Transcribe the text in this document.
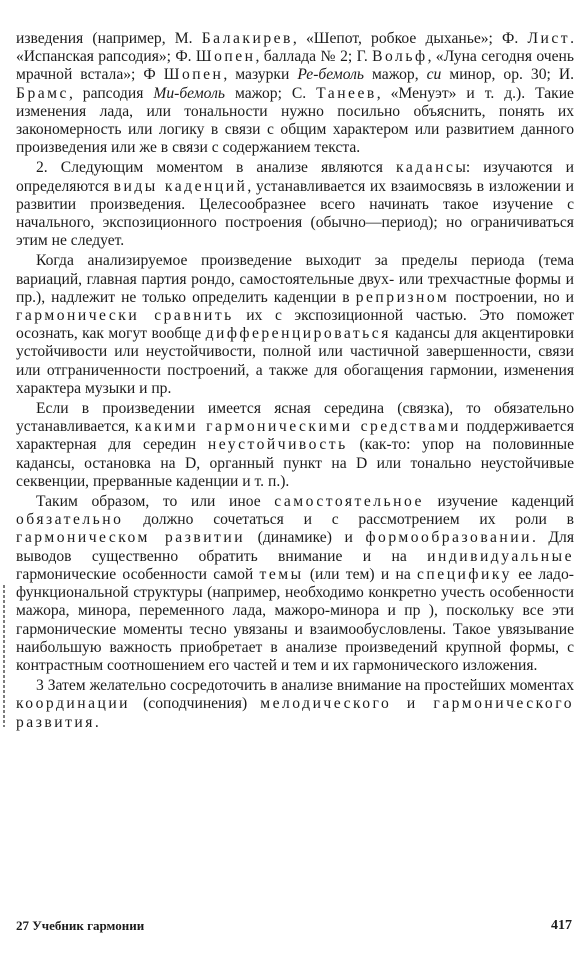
изведения (например, М. Балакирев, «Шепот, робкое дыханье»; Ф. Лист. «Испанская рапсодия»; Ф. Шопен, баллада № 2; Г. Вольф, «Луна сегодня очень мрачной встала»; Ф Шопен, мазурки Ре-бемоль мажор, си минор, ор. 30; И. Брамс, рапсодия Ми-бемоль мажор; С. Танеев, «Менуэт» и т. д.). Такие изменения лада, или тональности нужно посильно объяснить, понять их закономерность или логику в связи с общим характером или развитием данного произведения или же в связи с содержанием текста.

2. Следующим моментом в анализе являются кадансы: изучаются и определяются виды каденций, устанавливается их взаимосвязь в изложении и развитии произведения. Целесообразнее всего начинать такое изучение с начального, экспозиционного построения (обычно—период); но ограничиваться этим не следует.

Когда анализируемое произведение выходит за пределы периода (тема вариаций, главная партия рондо, самостоятельные двух- или трехчастные формы и пр.), надлежит не только определить каденции в репризном построении, но и гармонически сравнить их с экспозиционной частью. Это поможет осознать, как могут вообще дифференцироваться кадансы для акцентировки устойчивости или неустойчивости, полной или частичной завершенности, связи или отграниченности построений, а также для обогащения гармонии, изменения характера музыки и пр.

Если в произведении имеется ясная середина (связка), то обязательно устанавливается, какими гармоническими средствами поддерживается характерная для середин неустойчивость (как-то: упор на половинные кадансы, остановка на D, органный пункт на D или тонально неустойчивые секвенции, прерванные каденции и т. п.).

Таким образом, то или иное самостоятельное изучение каденций обязательно должно сочетаться и с рассмотрением их роли в гармоническом развитии (динамике) и формообразовании. Для выводов существенно обратить внимание и на индивидуальные гармонические особенности самой темы (или тем) и на специфику ее ладо-функциональной структуры (например, необходимо конкретно учесть особенности мажора, минора, переменного лада, мажоро-минора и пр ), поскольку все эти гармонические моменты тесно увязаны и взаимообусловлены. Такое увязывание наибольшую важность приобретает в анализе произведений крупной формы, с контрастным соотношением его частей и тем и их гармонического изложения.

3 Затем желательно сосредоточить в анализе внимание на простейших моментах координации (соподчинения) мелодического и гармонического развития.

27 Учебник гармонии	417
